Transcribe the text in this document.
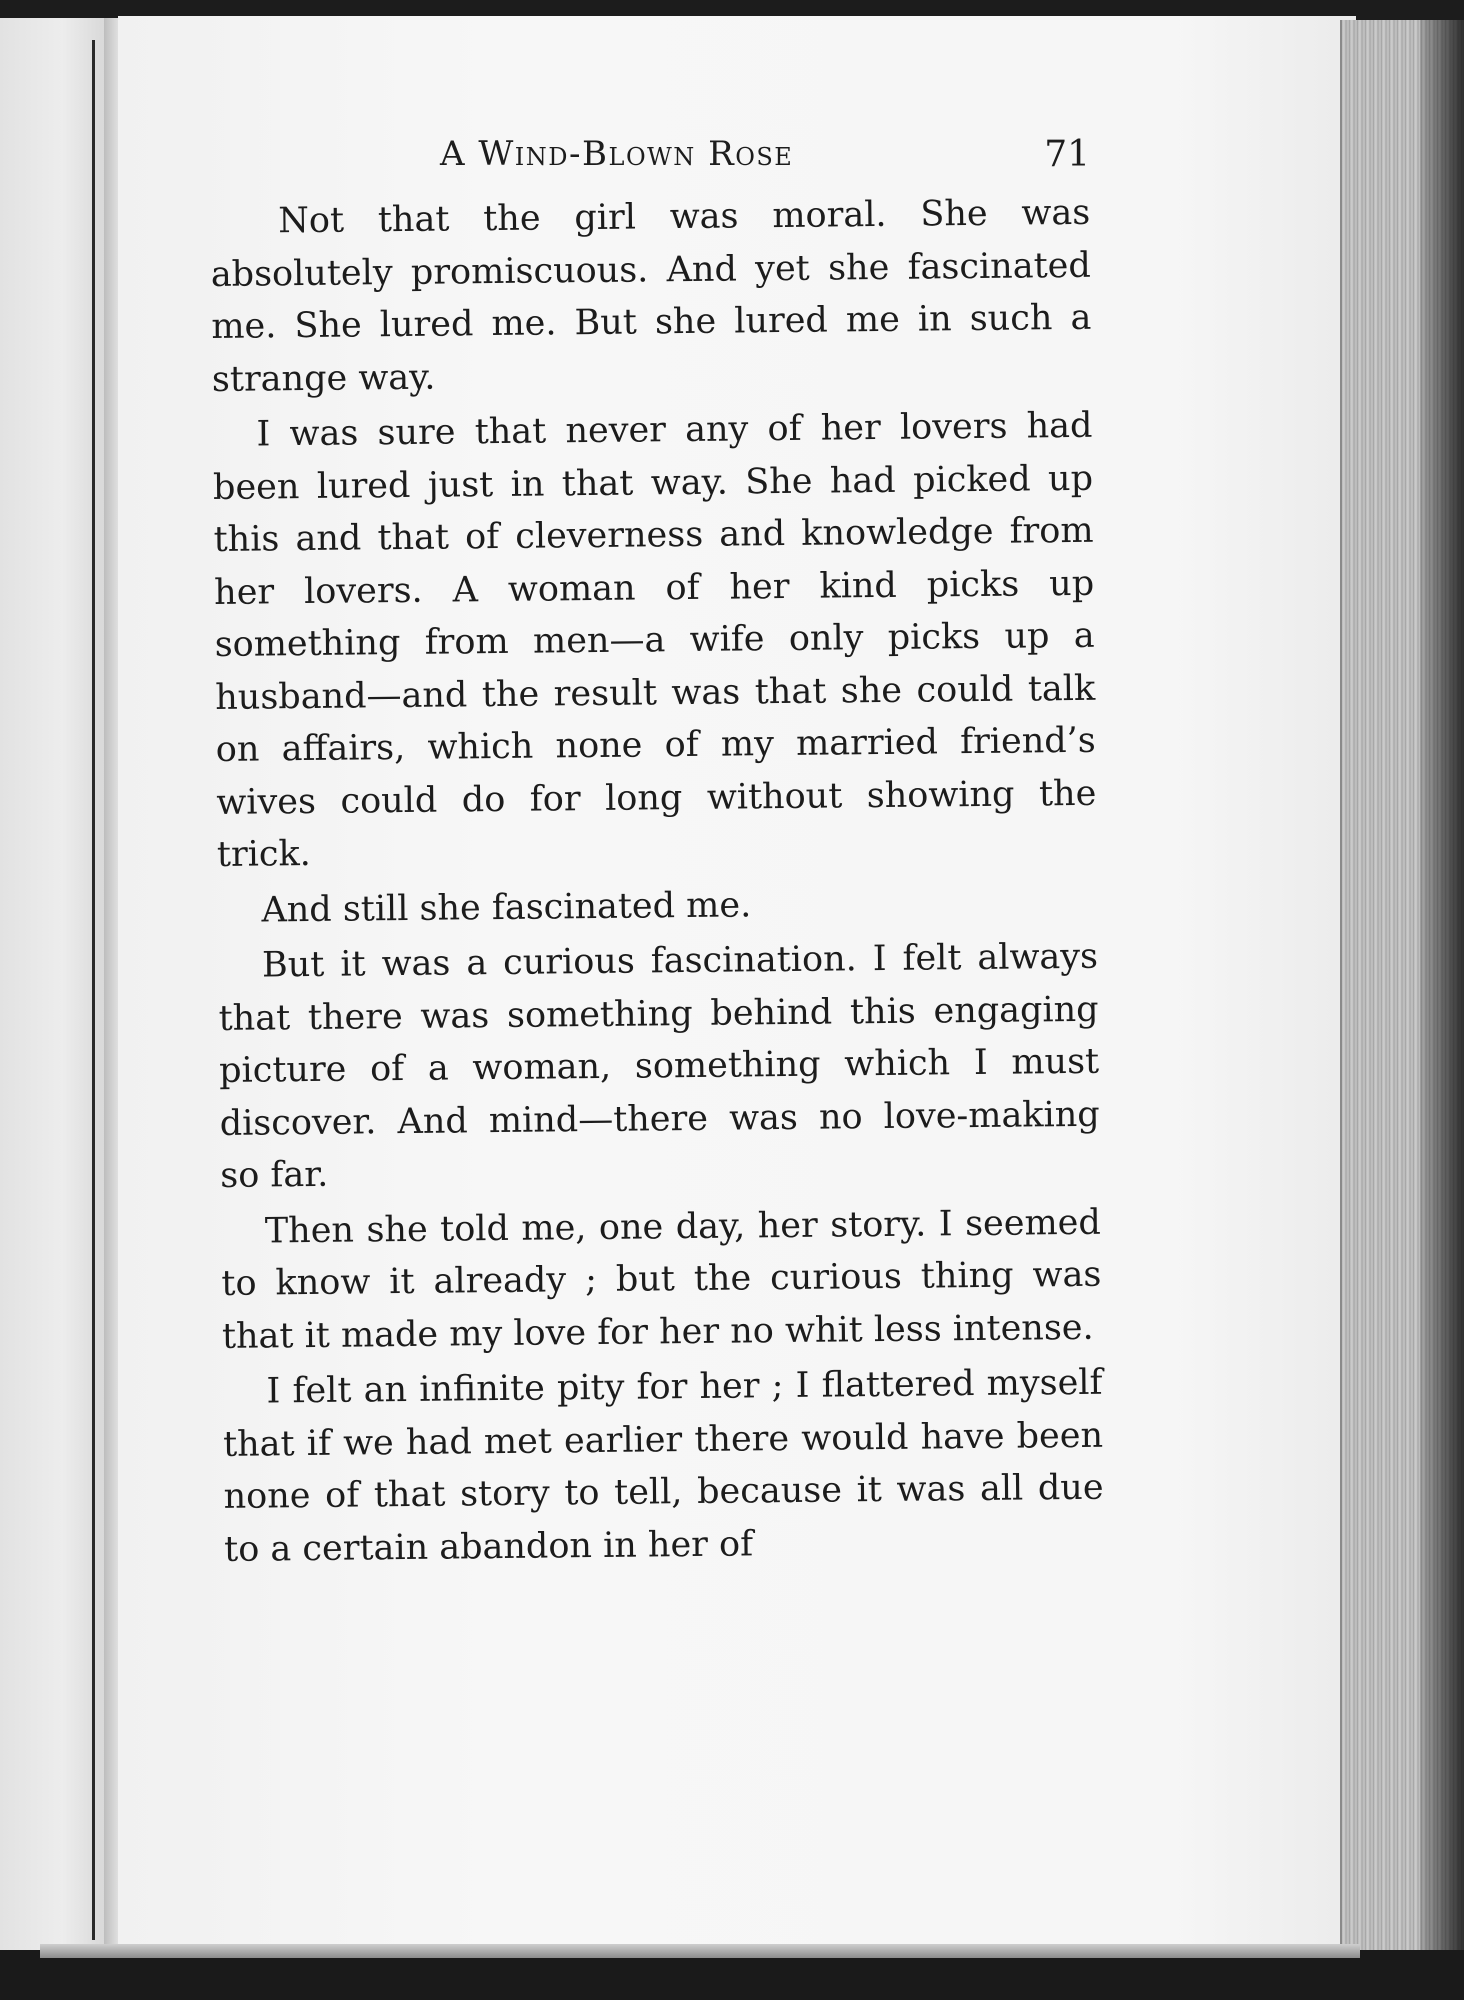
A Wind-Blown Rose	71

Not that the girl was moral. She was absolutely promiscuous. And yet she fascinated me. She lured me. But she lured me in such a strange way.

I was sure that never any of her lovers had been lured just in that way. She had picked up this and that of cleverness and knowledge from her lovers. A woman of her kind picks up something from men—a wife only picks up a husband—and the result was that she could talk on affairs, which none of my married friend’s wives could do for long without showing the trick.

And still she fascinated me.

But it was a curious fascination. I felt always that there was something behind this engaging picture of a woman, something which I must discover. And mind—there was no love-making so far.

Then she told me, one day, her story. I seemed to know it already ; but the curious thing was that it made my love for her no whit less intense.

I felt an infinite pity for her ; I flattered myself that if we had met earlier there would have been none of that story to tell, because it was all due to a certain abandon in her of
